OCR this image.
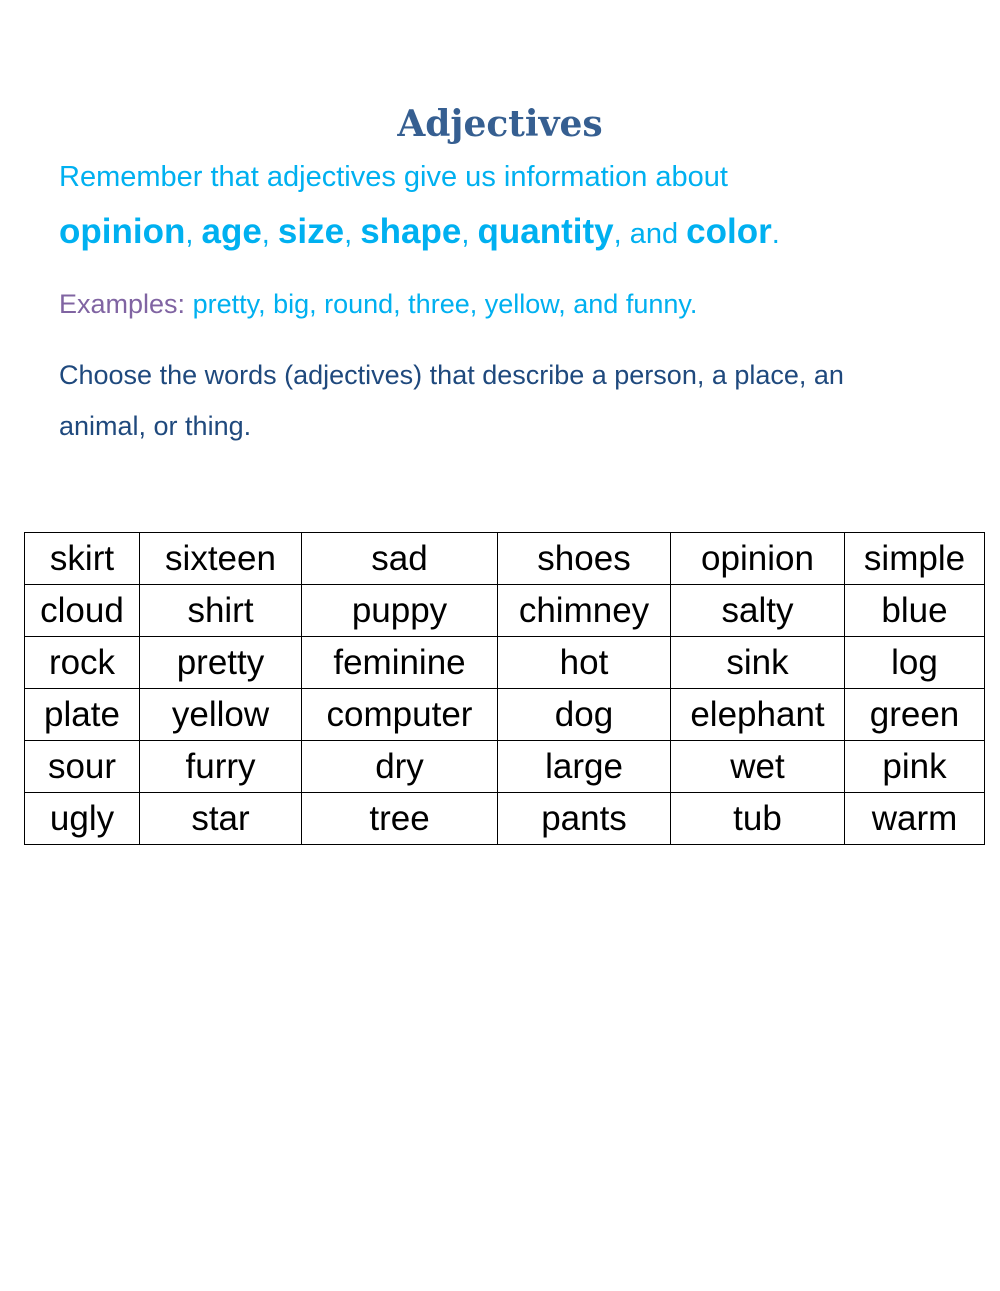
Adjectives
Remember that adjectives give us information about
opinion, age, size, shape, quantity, and color.
Examples: pretty, big, round, three, yellow, and funny.
Choose the words (adjectives) that describe a person, a place, an animal, or thing.
skirt	sixteen	sad	shoes	opinion	simple
cloud	shirt	puppy	chimney	salty	blue
rock	pretty	feminine	hot	sink	log
plate	yellow	computer	dog	elephant	green
sour	furry	dry	large	wet	pink
ugly	star	tree	pants	tub	warm
